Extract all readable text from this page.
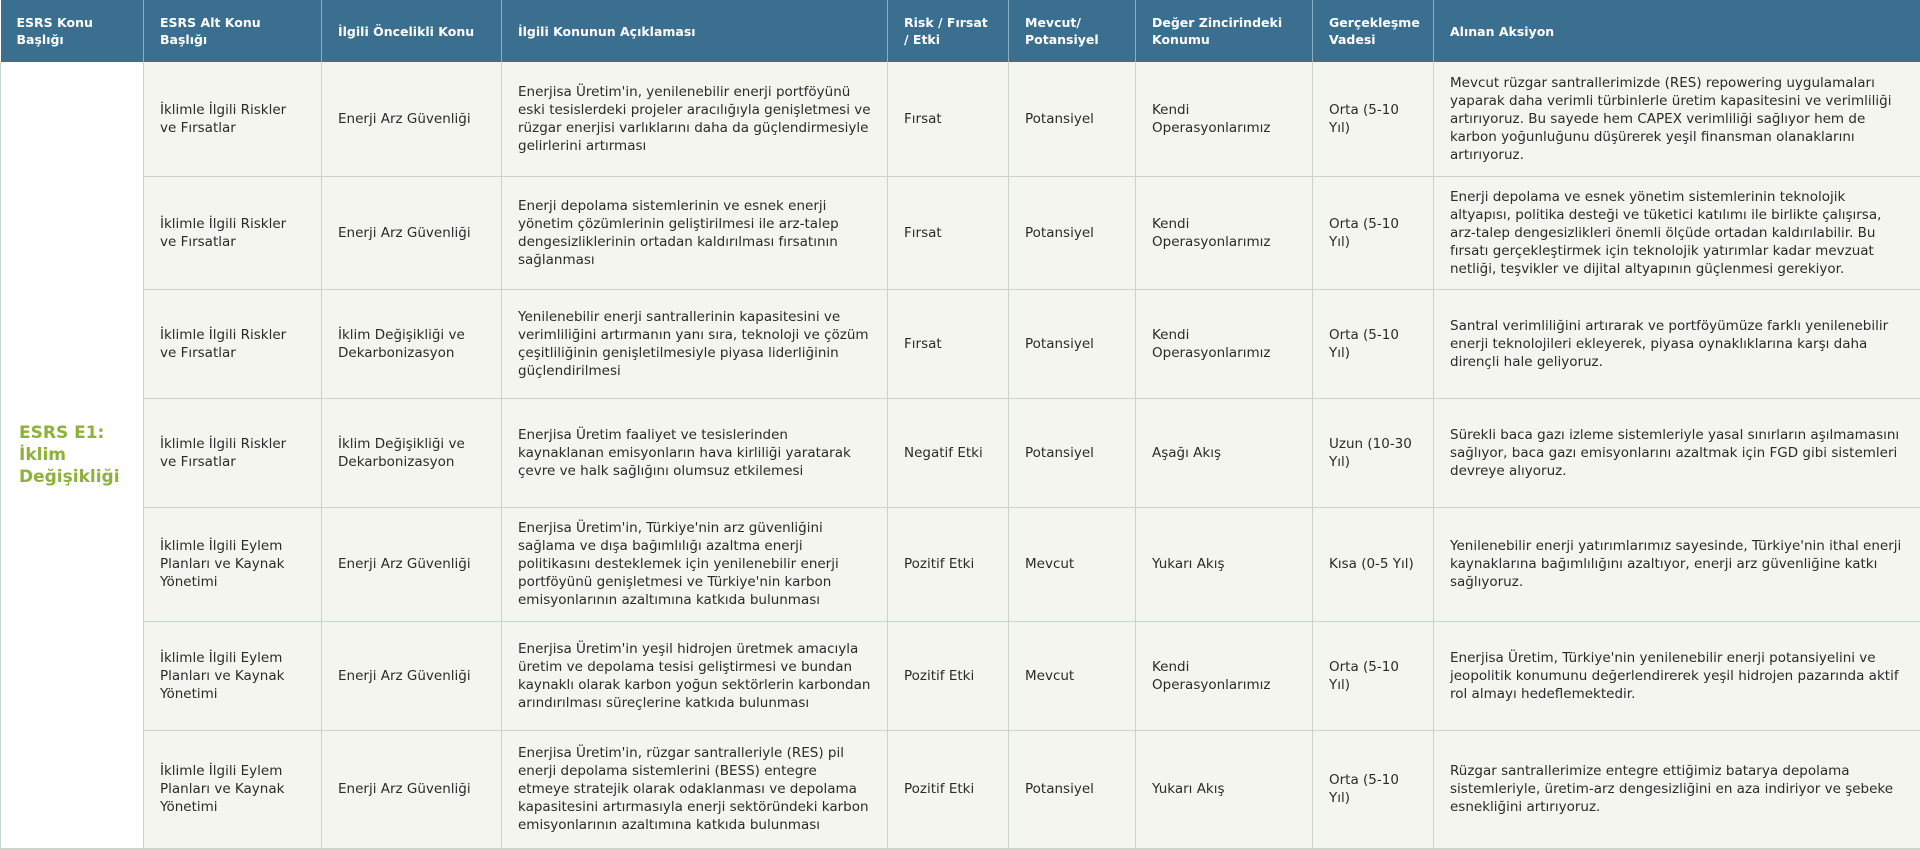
ESRS Konu Başlığı	ESRS Alt Konu Başlığı	İlgili Öncelikli Konu	İlgili Konunun Açıklaması	Risk / Fırsat / Etki	Mevcut/ Potansiyel	Değer Zincirindeki Konumu	Gerçekleşme Vadesi	Alınan Aksiyon
ESRS E1: İklim Değişikliği	İklimle İlgili Riskler ve Fırsatlar	Enerji Arz Güvenliği	Enerjisa Üretim'in, yenilenebilir enerji portföyünü eski tesislerdeki projeler aracılığıyla genişletmesi ve rüzgar enerjisi varlıklarını daha da güçlendirmesiyle gelirlerini artırması	Fırsat	Potansiyel	Kendi Operasyonlarımız	Orta (5-10 Yıl)	Mevcut rüzgar santrallerimizde (RES) repowering uygulamaları yaparak daha verimli türbinlerle üretim kapasitesini ve verimliliği artırıyoruz. Bu sayede hem CAPEX verimliliği sağlıyor hem de karbon yoğunluğunu düşürerek yeşil finansman olanaklarını artırıyoruz.
	İklimle İlgili Riskler ve Fırsatlar	Enerji Arz Güvenliği	Enerji depolama sistemlerinin ve esnek enerji yönetim çözümlerinin geliştirilmesi ile arz-talep dengesizliklerinin ortadan kaldırılması fırsatının sağlanması	Fırsat	Potansiyel	Kendi Operasyonlarımız	Orta (5-10 Yıl)	Enerji depolama ve esnek yönetim sistemlerinin teknolojik altyapısı, politika desteği ve tüketici katılımı ile birlikte çalışırsa, arz-talep dengesizlikleri önemli ölçüde ortadan kaldırılabilir. Bu fırsatı gerçekleştirmek için teknolojik yatırımlar kadar mevzuat netliği, teşvikler ve dijital altyapının güçlenmesi gerekiyor.
	İklimle İlgili Riskler ve Fırsatlar	İklim Değişikliği ve Dekarbonizasyon	Yenilenebilir enerji santrallerinin kapasitesini ve verimliliğini artırmanın yanı sıra, teknoloji ve çözüm çeşitliliğinin genişletilmesiyle piyasa liderliğinin güçlendirilmesi	Fırsat	Potansiyel	Kendi Operasyonlarımız	Orta (5-10 Yıl)	Santral verimliliğini artırarak ve portföyümüze farklı yenilenebilir enerji teknolojileri ekleyerek, piyasa oynaklıklarına karşı daha dirençli hale geliyoruz.
	İklimle İlgili Riskler ve Fırsatlar	İklim Değişikliği ve Dekarbonizasyon	Enerjisa Üretim faaliyet ve tesislerinden kaynaklanan emisyonların hava kirliliği yaratarak çevre ve halk sağlığını olumsuz etkilemesi	Negatif Etki	Potansiyel	Aşağı Akış	Uzun (10-30 Yıl)	Sürekli baca gazı izleme sistemleriyle yasal sınırların aşılmamasını sağlıyor, baca gazı emisyonlarını azaltmak için FGD gibi sistemleri devreye alıyoruz.
	İklimle İlgili Eylem Planları ve Kaynak Yönetimi	Enerji Arz Güvenliği	Enerjisa Üretim'in, Türkiye'nin arz güvenliğini sağlama ve dışa bağımlılığı azaltma enerji politikasını desteklemek için yenilenebilir enerji portföyünü genişletmesi ve Türkiye'nin karbon emisyonlarının azaltımına katkıda bulunması	Pozitif Etki	Mevcut	Yukarı Akış	Kısa (0-5 Yıl)	Yenilenebilir enerji yatırımlarımız sayesinde, Türkiye'nin ithal enerji kaynaklarına bağımlılığını azaltıyor, enerji arz güvenliğine katkı sağlıyoruz.
	İklimle İlgili Eylem Planları ve Kaynak Yönetimi	Enerji Arz Güvenliği	Enerjisa Üretim'in yeşil hidrojen üretmek amacıyla üretim ve depolama tesisi geliştirmesi ve bundan kaynaklı olarak karbon yoğun sektörlerin karbondan arındırılması süreçlerine katkıda bulunması	Pozitif Etki	Mevcut	Kendi Operasyonlarımız	Orta (5-10 Yıl)	Enerjisa Üretim, Türkiye'nin yenilenebilir enerji potansiyelini ve jeopolitik konumunu değerlendirerek yeşil hidrojen pazarında aktif rol almayı hedeflemektedir.
	İklimle İlgili Eylem Planları ve Kaynak Yönetimi	Enerji Arz Güvenliği	Enerjisa Üretim'in, rüzgar santralleriyle (RES) pil enerji depolama sistemlerini (BESS) entegre etmeye stratejik olarak odaklanması ve depolama kapasitesini artırmasıyla enerji sektöründeki karbon emisyonlarının azaltımına katkıda bulunması	Pozitif Etki	Potansiyel	Yukarı Akış	Orta (5-10 Yıl)	Rüzgar santrallerimize entegre ettiğimiz batarya depolama sistemleriyle, üretim-arz dengesizliğini en aza indiriyor ve şebeke esnekliğini artırıyoruz.
